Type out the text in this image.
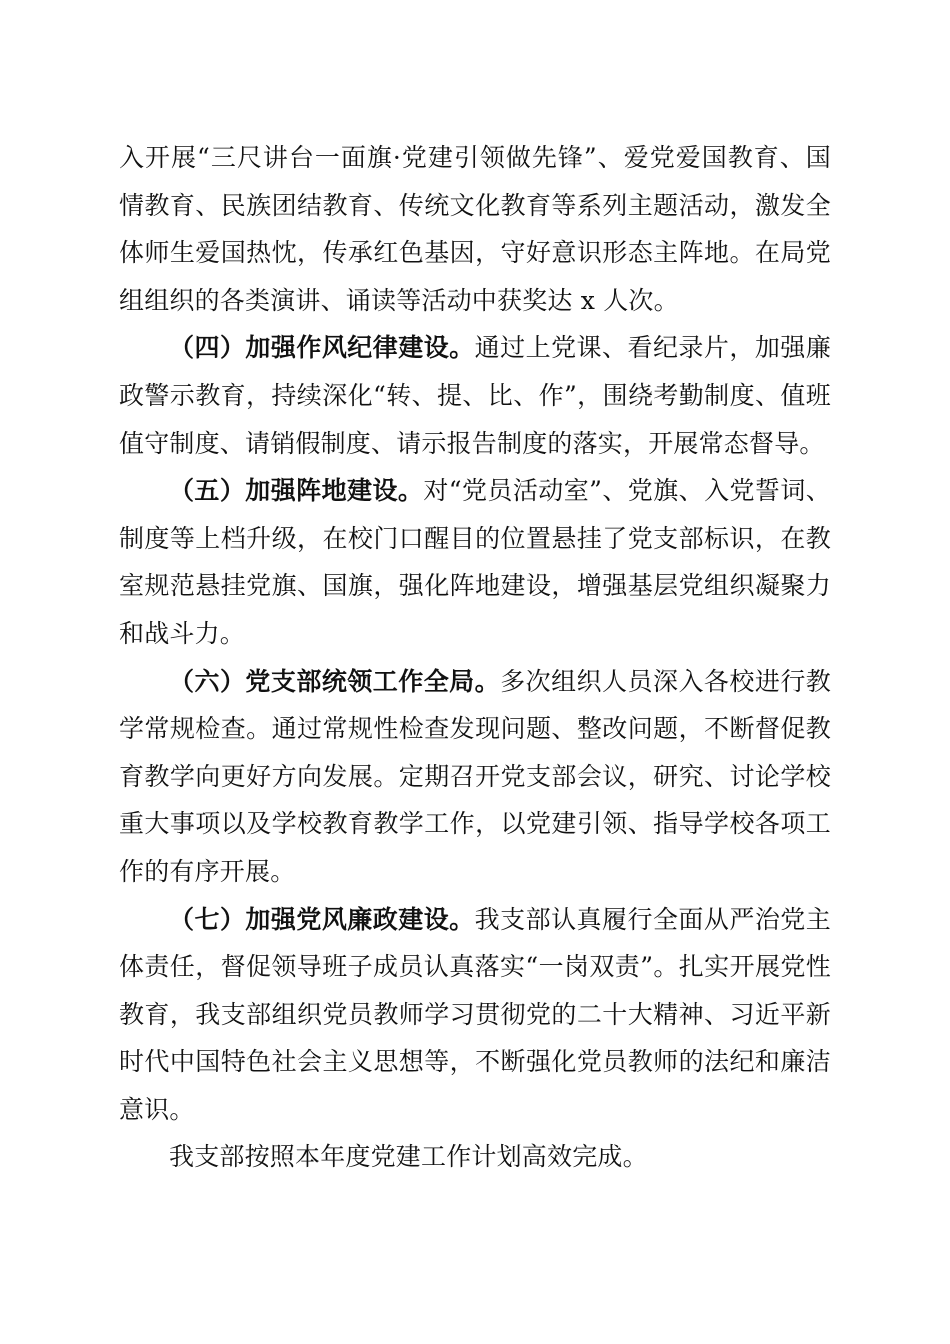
入开展“三尺讲台一面旗·党建引领做先锋”、爱党爱国教育、国情教育、民族团结教育、传统文化教育等系列主题活动，激发全体师生爱国热忱，传承红色基因，守好意识形态主阵地。在局党组组织的各类演讲、诵读等活动中获奖达 x 人次。

（四）加强作风纪律建设。通过上党课、看纪录片，加强廉政警示教育，持续深化“转、提、比、作”，围绕考勤制度、值班值守制度、请销假制度、请示报告制度的落实，开展常态督导。

（五）加强阵地建设。对“党员活动室”、党旗、入党誓词、制度等上档升级，在校门口醒目的位置悬挂了党支部标识，在教室规范悬挂党旗、国旗，强化阵地建设，增强基层党组织凝聚力和战斗力。

（六）党支部统领工作全局。多次组织人员深入各校进行教学常规检查。通过常规性检查发现问题、整改问题，不断督促教育教学向更好方向发展。定期召开党支部会议，研究、讨论学校重大事项以及学校教育教学工作，以党建引领、指导学校各项工作的有序开展。

（七）加强党风廉政建设。我支部认真履行全面从严治党主体责任，督促领导班子成员认真落实“一岗双责”。扎实开展党性教育，我支部组织党员教师学习贯彻党的二十大精神、习近平新时代中国特色社会主义思想等，不断强化党员教师的法纪和廉洁意识。

我支部按照本年度党建工作计划高效完成。
